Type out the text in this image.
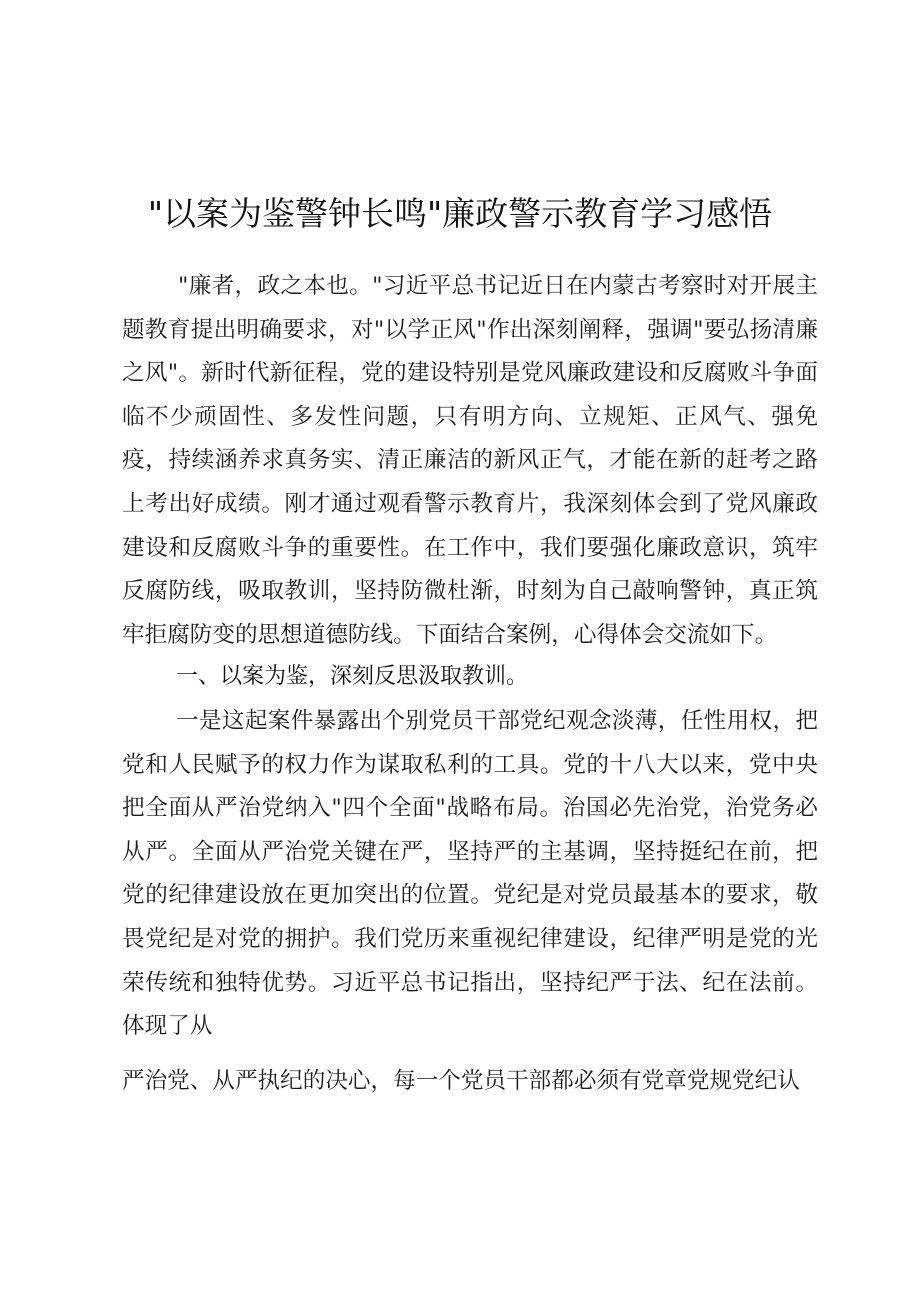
"以案为鉴警钟长鸣"廉政警示教育学习感悟

"廉者，政之本也。"习近平总书记近日在内蒙古考察时对开展主题教育提出明确要求，对"以学正风"作出深刻阐释，强调"要弘扬清廉之风"。新时代新征程，党的建设特别是党风廉政建设和反腐败斗争面临不少顽固性、多发性问题，只有明方向、立规矩、正风气、强免疫，持续涵养求真务实、清正廉洁的新风正气，才能在新的赶考之路上考出好成绩。刚才通过观看警示教育片，我深刻体会到了党风廉政建设和反腐败斗争的重要性。在工作中，我们要强化廉政意识，筑牢反腐防线，吸取教训，坚持防微杜渐，时刻为自己敲响警钟，真正筑牢拒腐防变的思想道德防线。下面结合案例，心得体会交流如下。

一、以案为鉴，深刻反思汲取教训。

一是这起案件暴露出个别党员干部党纪观念淡薄，任性用权，把党和人民赋予的权力作为谋取私利的工具。党的十八大以来，党中央把全面从严治党纳入"四个全面"战略布局。治国必先治党，治党务必从严。全面从严治党关键在严，坚持严的主基调，坚持挺纪在前，把党的纪律建设放在更加突出的位置。党纪是对党员最基本的要求，敬畏党纪是对党的拥护。我们党历来重视纪律建设，纪律严明是党的光荣传统和独特优势。习近平总书记指出，坚持纪严于法、纪在法前。体现了从

严治党、从严执纪的决心，每一个党员干部都必须有党章党规党纪认
